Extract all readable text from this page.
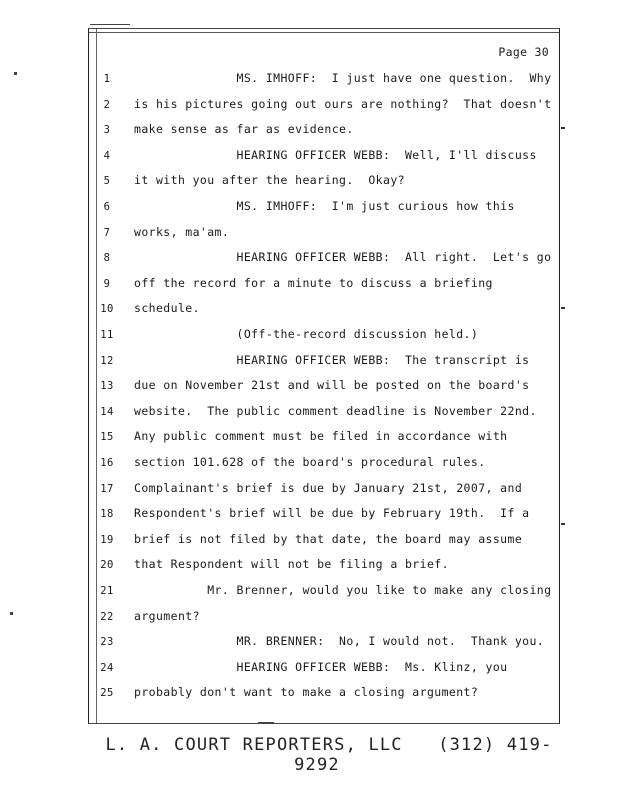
Page 30
1	MS. IMHOFF:  I just have one question.  Why
2	is his pictures going out ours are nothing?  That doesn't
3	make sense as far as evidence.
4	HEARING OFFICER WEBB:  Well, I'll discuss
5	it with you after the hearing.  Okay?
6	MS. IMHOFF:  I'm just curious how this
7	works, ma'am.
8	HEARING OFFICER WEBB:  All right.  Let's go
9	off the record for a minute to discuss a briefing
10	schedule.
11	(Off-the-record discussion held.)
12	HEARING OFFICER WEBB:  The transcript is
13	due on November 21st and will be posted on the board's
14	website.  The public comment deadline is November 22nd.
15	Any public comment must be filed in accordance with
16	section 101.628 of the board's procedural rules.
17	Complainant's brief is due by January 21st, 2007, and
18	Respondent's brief will be due by February 19th.  If a
19	brief is not filed by that date, the board may assume
20	that Respondent will not be filing a brief.
21	Mr. Brenner, would you like to make any closing
22	argument?
23	MR. BRENNER:  No, I would not.  Thank you.
24	HEARING OFFICER WEBB:  Ms. Klinz, you
25	probably don't want to make a closing argument?
L. A. COURT REPORTERS, LLC (312) 419-9292
